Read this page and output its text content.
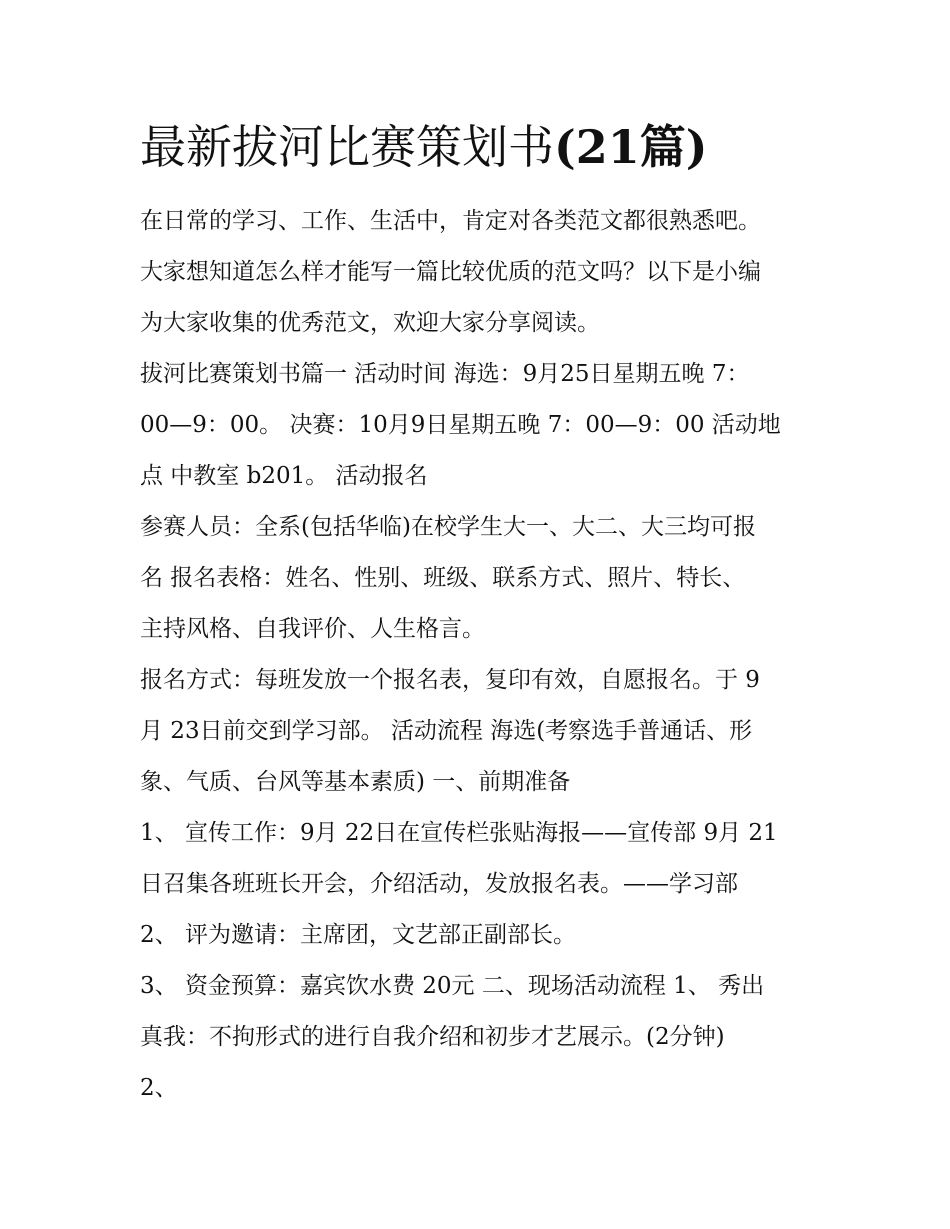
最新拔河比赛策划书(21篇)
在日常的学习、工作、生活中，肯定对各类范文都很熟悉吧。
大家想知道怎么样才能写一篇比较优质的范文吗？以下是小编
为大家收集的优秀范文，欢迎大家分享阅读。
拔河比赛策划书篇一 活动时间 海选：9月25日星期五晚 7：
00—9：00。 决赛：10月9日星期五晚 7：00—9：00 活动地
点 中教室 b201。 活动报名
参赛人员：全系(包括华临)在校学生大一、大二、大三均可报
名 报名表格：姓名、性别、班级、联系方式、照片、特长、
主持风格、自我评价、人生格言。
报名方式：每班发放一个报名表，复印有效，自愿报名。于 9
月 23日前交到学习部。 活动流程 海选(考察选手普通话、形
象、气质、台风等基本素质) 一、前期准备
1、 宣传工作：9月 22日在宣传栏张贴海报——宣传部 9月 21
日召集各班班长开会，介绍活动，发放报名表。——学习部
2、 评为邀请：主席团，文艺部正副部长。
3、 资金预算：嘉宾饮水费 20元 二、现场活动流程 1、 秀出
真我：不拘形式的进行自我介绍和初步才艺展示。(2分钟)
2、
